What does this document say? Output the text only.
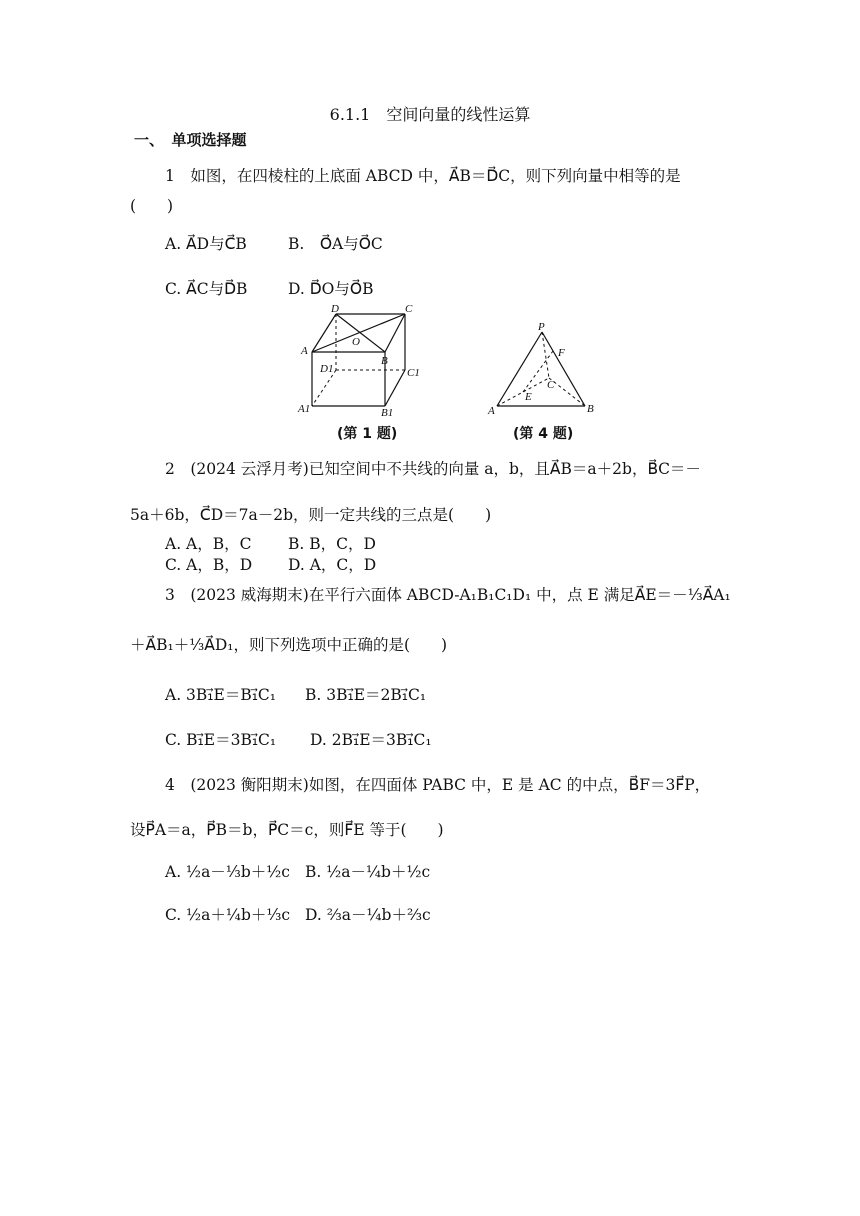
6.1.1　空间向量的线性运算
一、　单项选择题
1　如图，在四棱柱的上底面 ABCD 中，A⃗B＝D⃗C，则下列向量中相等的是
(　　)
A. A⃗D与C⃗B	B.　O⃗A与O⃗C
C. A⃗C与D⃗B	D. D⃗O与O⃗B
D	C
A
O
B
D1	C1
A1	B1
(第 1 题)
P
F
C
E
A	B
(第 4 题)
2　(2024 云浮月考)已知空间中不共线的向量 a，b，且A⃗B＝a＋2b，B⃗C＝－
5a＋6b，C⃗D＝7a－2b，则一定共线的三点是(　　)
A. A，B，C B. B，C，D
C. A，B，D D. A，C，D
3　(2023 威海期末)在平行六面体 ABCD-A₁B₁C₁D₁ 中，点 E 满足A⃗E＝－⅓A⃗A₁
＋A⃗B₁＋⅓A⃗D₁，则下列选项中正确的是(　　)
A. 3B₁⃗E＝B₁⃗C₁ B. 3B₁⃗E＝2B₁⃗C₁
C. B₁⃗E＝3B₁⃗C₁ D. 2B₁⃗E＝3B₁⃗C₁
4　(2023 衡阳期末)如图，在四面体 PABC 中，E 是 AC 的中点，B⃗F＝3F⃗P，
设P⃗A＝a，P⃗B＝b，P⃗C＝c，则F⃗E 等于(　　)
A. ½a－⅓b＋½c B. ½a－¼b＋½c
C. ½a＋¼b＋⅓c D. ⅔a－¼b＋⅔c
